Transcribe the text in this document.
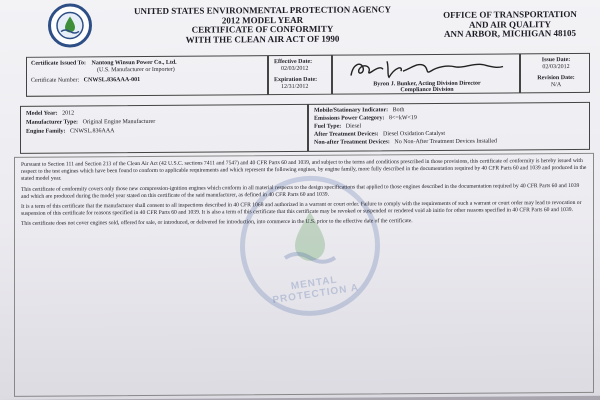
UNITED STATES ENVIRONMENTAL PROTECTION AGENCY
2012 MODEL YEAR
CERTIFICATE OF CONFORMITY
WITH THE CLEAN AIR ACT OF 1990
OFFICE OF TRANSPORTATION
AND AIR QUALITY
ANN ARBOR, MICHIGAN 48105
Certificate Issued To: Nantong Winsun Power Co., Ltd.
(U.S. Manufacturer or Importer)
Certificate Number: CNWSL.836AAA-001
Effective Date:
02/03/2012
Expiration Date:
12/31/2012	Byron J. Bunker, Acting Division Director
Compliance Division
Issue Date:
02/03/2012
Revision Date:
N/A
Model Year: 2012
Manufacturer Type: Original Engine Manufacturer
Engine Family: CNWSL.836AAA
Mobile/Stationary Indicator: Both
Emissions Power Category: 8<=kW<19
Fuel Type: Diesel
After Treatment Devices: Diesel Oxidation Catalyst
Non-after Treatment Devices: No Non-After Treatment Devices Installed
MENTAL PROTECTION A

Pursuant to Section 111 and Section 213 of the Clean Air Act (42 U.S.C. sections 7411 and 7547) and 40 CFR Parts 60 and 1039, and subject to the terms and conditions prescribed in those provisions, this certificate of conformity is hereby issued with respect to the test engines which have been found to conform to applicable requirements and which represent the following engines, by engine family, more fully described in the documentation required by 40 CFR Parts 60 and 1039 and produced in the stated model year.

This certificate of conformity covers only those new compression-ignition engines which conform in all material respects to the design specifications that applied to those engines described in the documentation required by 40 CFR Parts 60 and 1039 and which are produced during the model year stated on this certificate of the said manufacturer, as defined in 40 CFR Parts 60 and 1039.

It is a term of this certificate that the manufacturer shall consent to all inspections described in 40 CFR 1068 and authorized in a warrant or court order. Failure to comply with the requirements of such a warrant or court order may lead to revocation or suspension of this certificate for reasons specified in 40 CFR Parts 60 and 1039. It is also a term of this certificate that this certificate may be revoked or suspended or rendered void ab initio for other reasons specified in 40 CFR Parts 60 and 1039.

This certificate does not cover engines sold, offered for sale, or introduced, or delivered for introduction, into commerce in the U.S. prior to the effective date of the certificate.
